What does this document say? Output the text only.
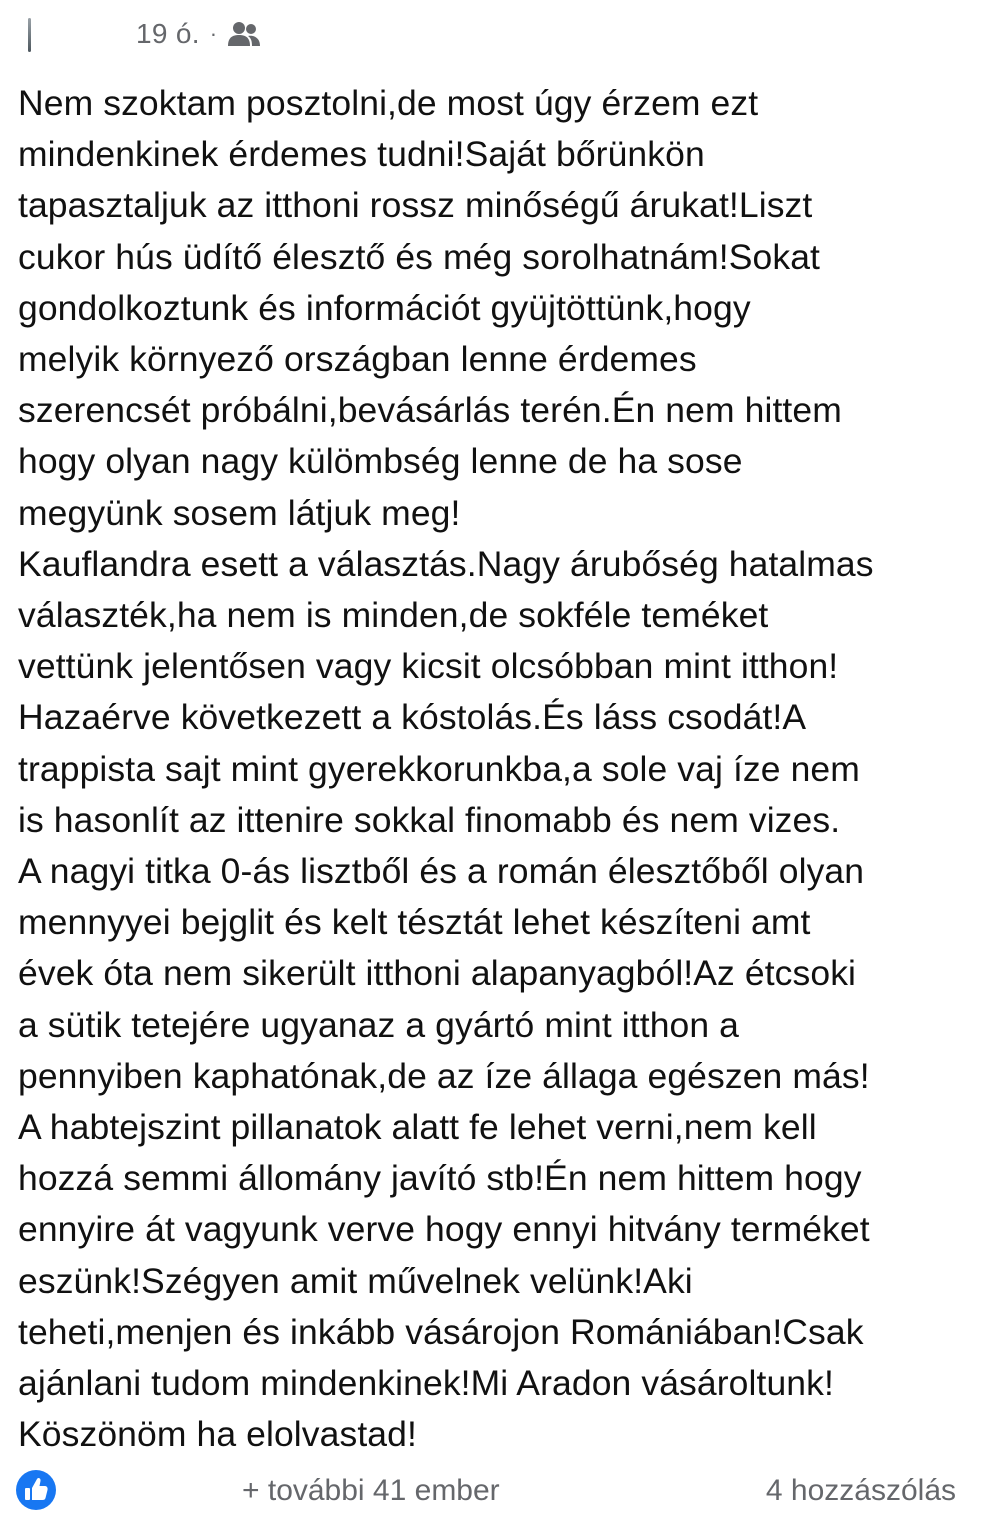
19 ó. ·
Nem szoktam posztolni,de most úgy érzem ezt
mindenkinek érdemes tudni!Saját bőrünkön
tapasztaljuk az itthoni rossz minőségű árukat!Liszt
cukor hús üdítő élesztő és még sorolhatnám!Sokat
gondolkoztunk és információt gyüjtöttünk,hogy
melyik környező országban lenne érdemes
szerencsét próbálni,bevásárlás terén.Én nem hittem
hogy olyan nagy külömbség lenne de ha sose
megyünk sosem látjuk meg!
Kauflandra esett a választás.Nagy árubőség hatalmas
választék,ha nem is minden,de sokféle teméket
vettünk jelentősen vagy kicsit olcsóbban mint itthon!
Hazaérve következett a kóstolás.És láss csodát!A
trappista sajt mint gyerekkorunkba,a sole vaj íze nem
is hasonlít az ittenire sokkal finomabb és nem vizes.
A nagyi titka 0-ás lisztből és a román élesztőből olyan
mennyyei bejglit és kelt tésztát lehet készíteni amt
évek óta nem sikerült itthoni alapanyagból!Az étcsoki
a sütik tetejére ugyanaz a gyártó mint itthon a
pennyiben kaphatónak,de az íze állaga egészen más!
A habtejszint pillanatok alatt fe lehet verni,nem kell
hozzá semmi állomány javító stb!Én nem hittem hogy
ennyire át vagyunk verve hogy ennyi hitvány terméket
eszünk!Szégyen amit művelnek velünk!Aki
teheti,menjen és inkább vásárojon Romániában!Csak
ajánlani tudom mindenkinek!Mi Aradon vásároltunk!
Köszönöm ha elolvastad!
+ további 41 ember	4 hozzászólás
